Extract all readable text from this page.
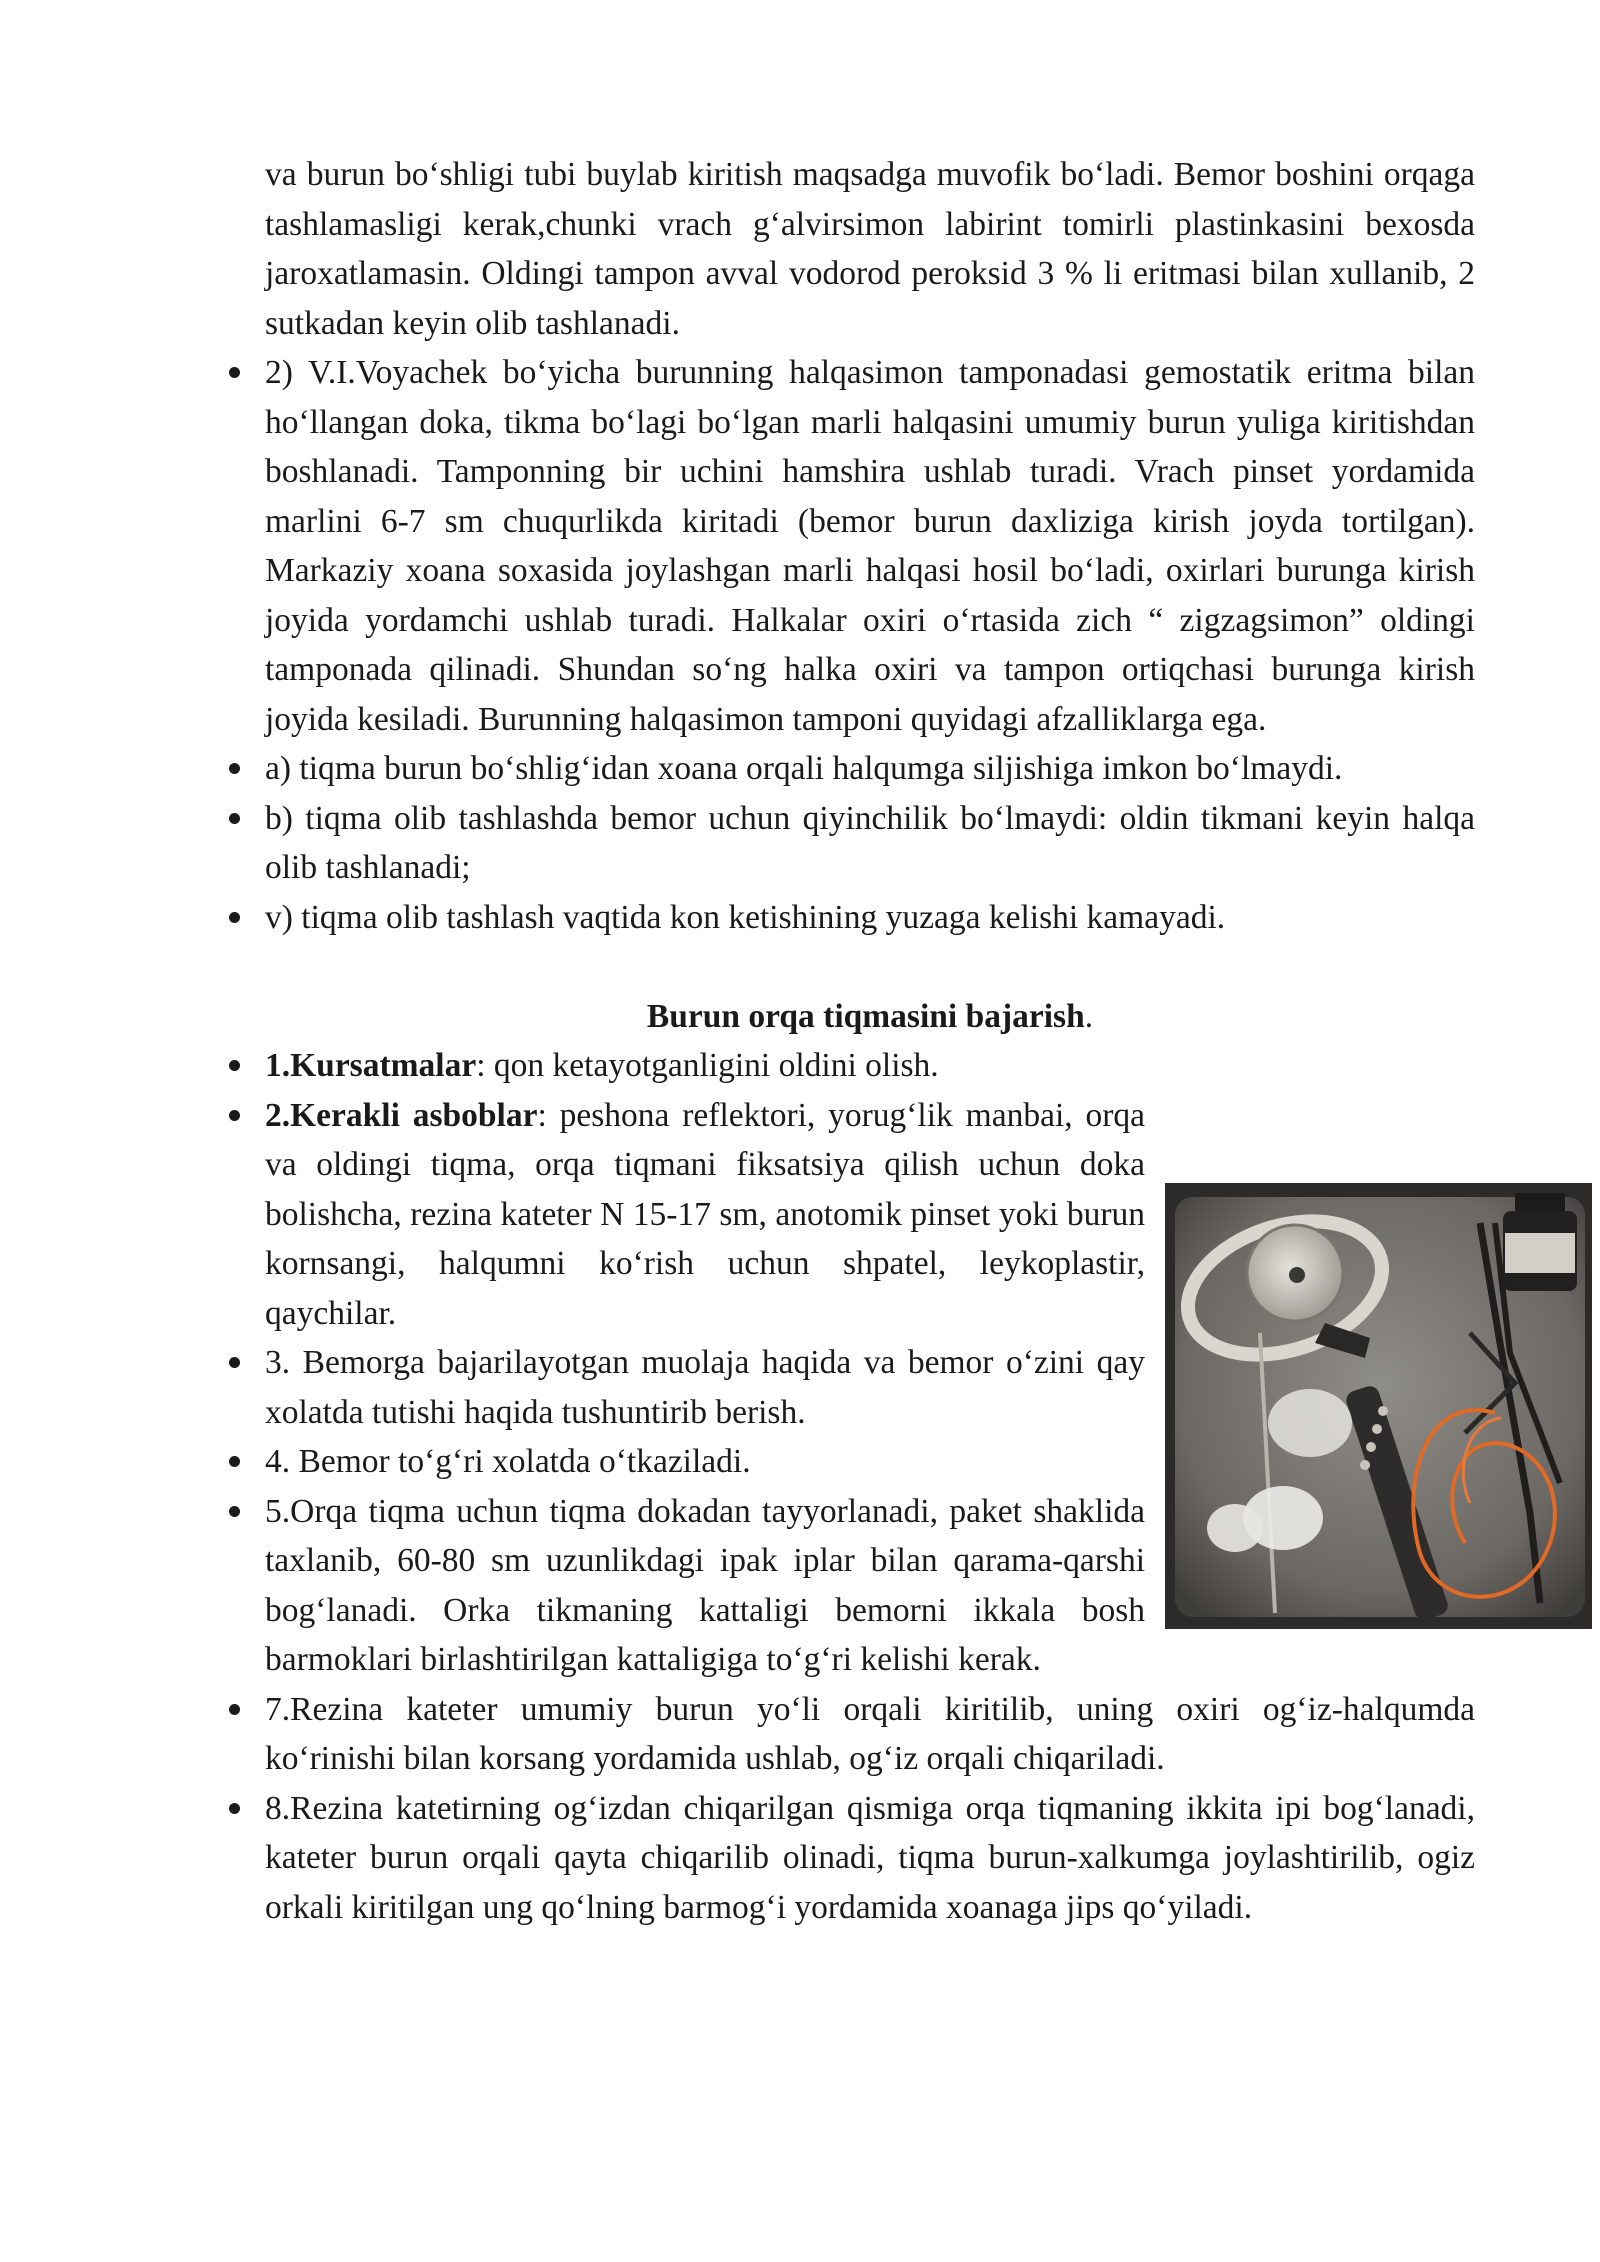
va burun bo‘shligi tubi buylab kiritish maqsadga muvofik bo‘ladi. Bemor boshini orqaga tashlamasligi kerak,chunki vrach g‘alvirsimon labirint tomirli plastinkasini bexosda jaroxatlamasin. Oldingi tampon avval vodorod peroksid 3 % li eritmasi bilan xullanib, 2 sutkadan keyin olib tashlanadi.

2) V.I.Voyachek bo‘yicha burunning halqasimon tamponadasi gemostatik eritma bilan ho‘llangan doka, tikma bo‘lagi bo‘lgan marli halqasini umumiy burun yuliga kiritishdan boshlanadi. Tamponning bir uchini hamshira ushlab turadi. Vrach pinset yordamida marlini 6-7 sm chuqurlikda kiritadi (bemor burun daxliziga kirish joyda tortilgan). Markaziy xoana soxasida joylashgan marli halqasi hosil bo‘ladi, oxirlari burunga kirish joyida yordamchi ushlab turadi. Halkalar oxiri o‘rtasida zich “ zigzagsimon” oldingi tamponada qilinadi. Shundan so‘ng halka oxiri va tampon ortiqchasi burunga kirish joyida kesiladi. Burunning halqasimon tamponi quyidagi afzalliklarga ega.

a) tiqma burun bo‘shlig‘idan xoana orqali halqumga siljishiga imkon bo‘lmaydi.

b) tiqma olib tashlashda bemor uchun qiyinchilik bo‘lmaydi: oldin tikmani keyin halqa olib tashlanadi;

v) tiqma olib tashlash vaqtida kon ketishining yuzaga kelishi kamayadi.

Burun orqa tiqmasini bajarish.

1.Kursatmalar: qon ketayotganligini oldini olish.

2.Kerakli asboblar: peshona reflektori, yorug‘lik manbai, orqa va oldingi tiqma, orqa tiqmani fiksatsiya qilish uchun doka bolishcha, rezina kateter N 15-17 sm, anotomik pinset yoki burun kornsangi, halqumni ko‘rish uchun shpatel, leykoplastir, qaychilar.

3. Bemorga bajarilayotgan muolaja haqida va bemor o‘zini qay xolatda tutishi haqida tushuntirib berish.

4. Bemor to‘g‘ri xolatda o‘tkaziladi.

5.Orqa tiqma uchun tiqma dokadan tayyorlanadi, paket shaklida taxlanib, 60-80 sm uzunlikdagi ipak iplar bilan qarama-qarshi bog‘lanadi. Orka tikmaning kattaligi bemorni ikkala bosh barmoklari birlashtirilgan kattaligiga to‘g‘ri kelishi kerak.

7.Rezina kateter umumiy burun yo‘li orqali kiritilib, uning oxiri og‘iz-halqumda ko‘rinishi bilan korsang yordamida ushlab, og‘iz orqali chiqariladi.

8.Rezina katetirning og‘izdan chiqarilgan qismiga orqa tiqmaning ikkita ipi bog‘lanadi, kateter burun orqali qayta chiqarilib olinadi, tiqma burun-xalkumga joylashtirilib, ogiz orkali kiritilgan ung qo‘lning barmog‘i yordamida xoanaga jips qo‘yiladi.
